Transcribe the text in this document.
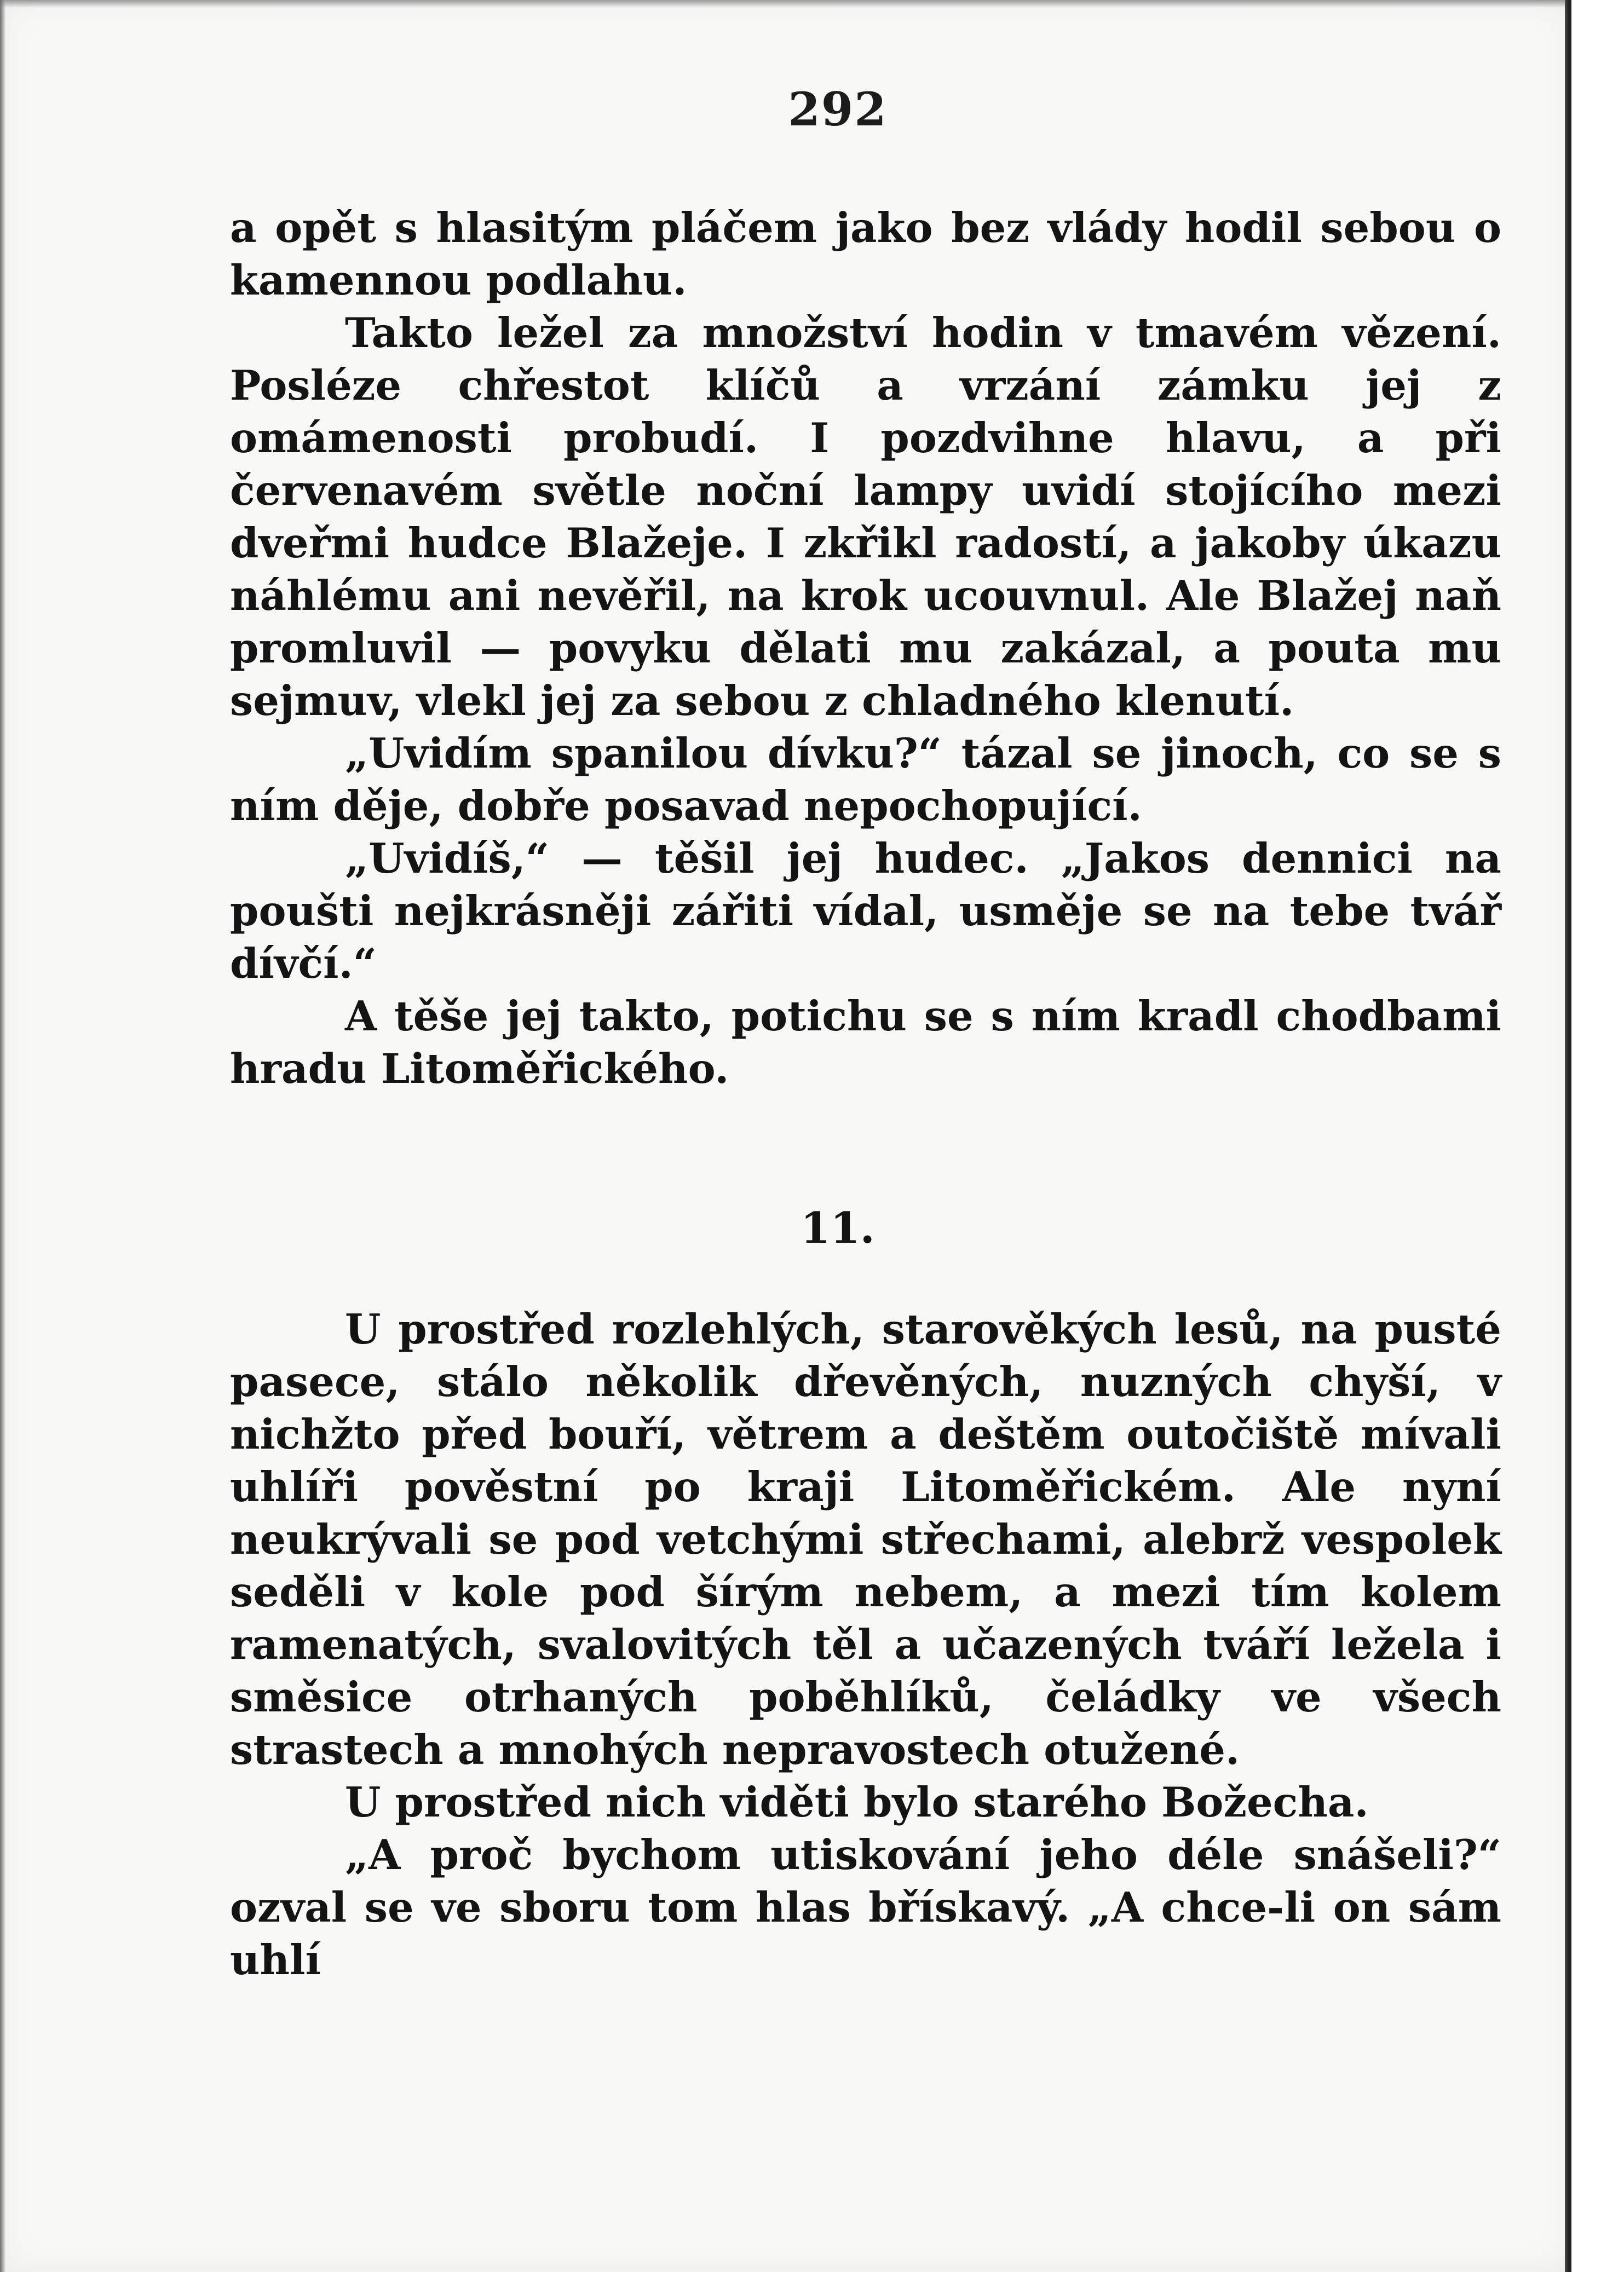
292

a opět s hlasitým pláčem jako bez vlády hodil sebou o kamennou podlahu.

Takto ležel za množství hodin v tmavém vězení. Posléze chřestot klíčů a vrzání zámku jej z omámenosti probudí. I pozdvihne hlavu, a při červenavém světle noční lampy uvidí stojícího mezi dveřmi hudce Blažeje. I zkřikl radostí, a jakoby úkazu náhlému ani nevěřil, na krok ucouvnul. Ale Blažej naň promluvil — povyku dělati mu zakázal, a pouta mu sejmuv, vlekl jej za sebou z chladného klenutí.

„Uvidím spanilou dívku?“ tázal se jinoch, co se s ním děje, dobře posavad nepochopující.

„Uvidíš,“ — těšil jej hudec. „Jakos dennici na poušti nejkrásněji zářiti vídal, usměje se na tebe tvář dívčí.“

A těše jej takto, potichu se s ním kradl chodbami hradu Litoměřického.

11.

U prostřed rozlehlých, starověkých lesů, na pusté pasece, stálo několik dřevěných, nuzných chyší, v nichžto před bouří, větrem a deštěm outočiště mívali uhlíři pověstní po kraji Litoměřickém. Ale nyní neukrývali se pod vetchými střechami, alebrž vespolek seděli v kole pod šírým nebem, a mezi tím kolem ramenatých, svalovitých těl a učazených tváří ležela i směsice otrhaných poběhlíků, čeládky ve všech strastech a mnohých nepravostech otužené.

U prostřed nich viděti bylo starého Božecha.

„A proč bychom utiskování jeho déle snášeli?“ ozval se ve sboru tom hlas břískavý. „A chce-li on sám uhlí
